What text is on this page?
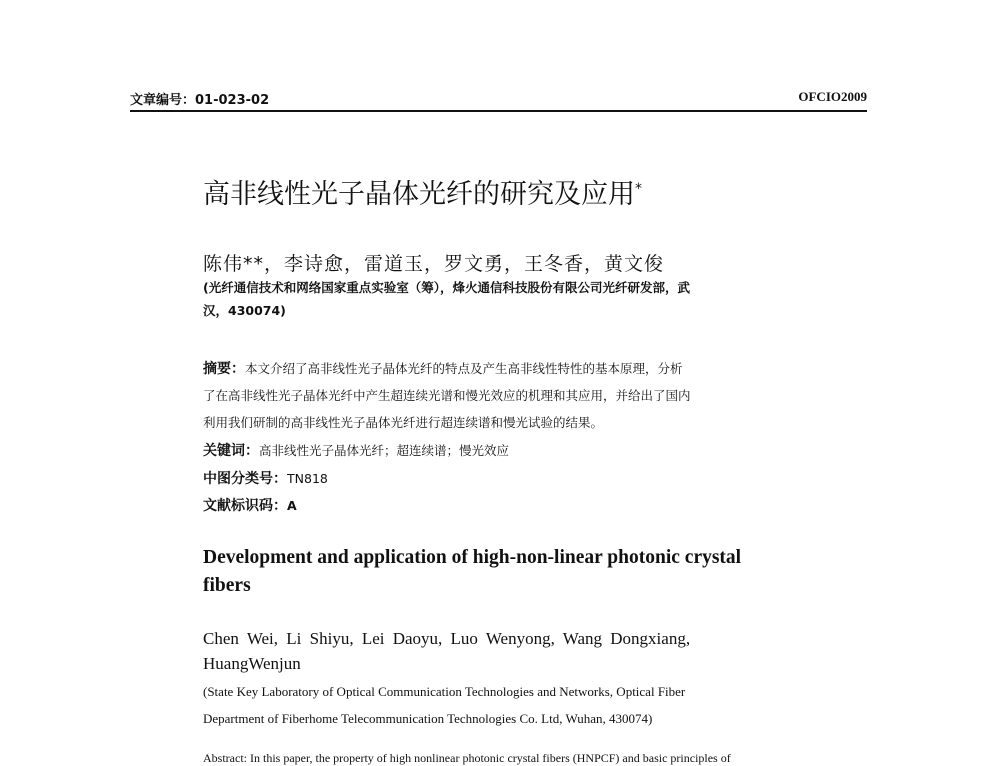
文章编号：01-023-02	OFCIO2009
高非线性光子晶体光纤的研究及应用*
陈伟**，李诗愈，雷道玉，罗文勇，王冬香，黄文俊
(光纤通信技术和网络国家重点实验室（筹），烽火通信科技股份有限公司光纤研发部，武
汉，430074)
摘要：本文介绍了高非线性光子晶体光纤的特点及产生高非线性特性的基本原理，分析
了在高非线性光子晶体光纤中产生超连续光谱和慢光效应的机理和其应用，并给出了国内
利用我们研制的高非线性光子晶体光纤进行超连续谱和慢光试验的结果。
关键词：高非线性光子晶体光纤；超连续谱；慢光效应
中图分类号：TN818
文献标识码：A
Development and application of high-non-linear photonic crystal
fibers
Chen Wei, Li Shiyu, Lei Daoyu, Luo Wenyong, Wang Dongxiang,
HuangWenjun
(State Key Laboratory of Optical Communication Technologies and Networks, Optical Fiber
Department of Fiberhome Telecommunication Technologies Co. Ltd, Wuhan, 430074)
Abstract: In this paper, the property of high nonlinear photonic crystal fibers (HNPCF) and basic principles of
